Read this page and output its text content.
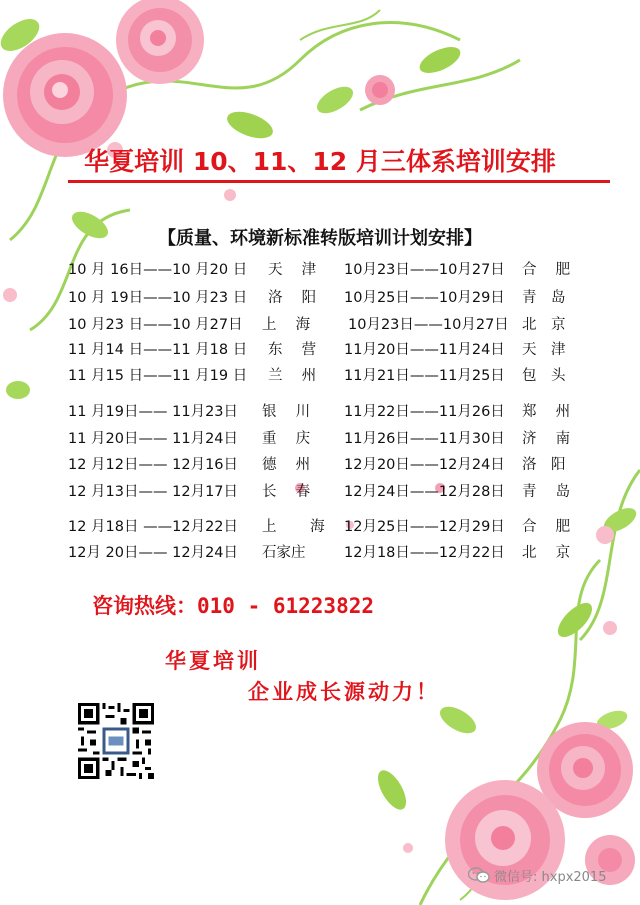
华夏培训 10、11、12 月三体系培训安排
【质量、环境新标准转版培训计划安排】
10 月 16日——10 月20 日 天　 津 10月23日——10月27日 合　 肥
10 月 19日——10 月23 日 洛　 阳 10月25日——10月29日 青　岛
10 月23 日——10 月27日 上　 海	10月23日——10月27日 北　京
11 月14 日——11 月18 日 东　 营 11月20日——11月24日 天　津
11 月15 日——11 月19 日 兰　 州 11月21日——11月25日 包　头
11 月19日—— 11月23日 银　 川 11月22日——11月26日 郑　 州
11 月20日—— 11月24日 重　 庆 11月26日——11月30日 济　 南
12 月12日—— 12月16日 德　 州 12月20日——12月24日 洛　阳
12 月13日—— 12月17日 长　 春 12月24日——12月28日 青　 岛
12 月18日 ——12月22日 上　　 海 12月25日——12月29日 合　 肥
12月 20日—— 12月24日 石家庄	12月18日——12月22日 北　 京
咨询热线：010 - 61223822
华夏培训
企业成长源动力！
微信号: hxpx2015
